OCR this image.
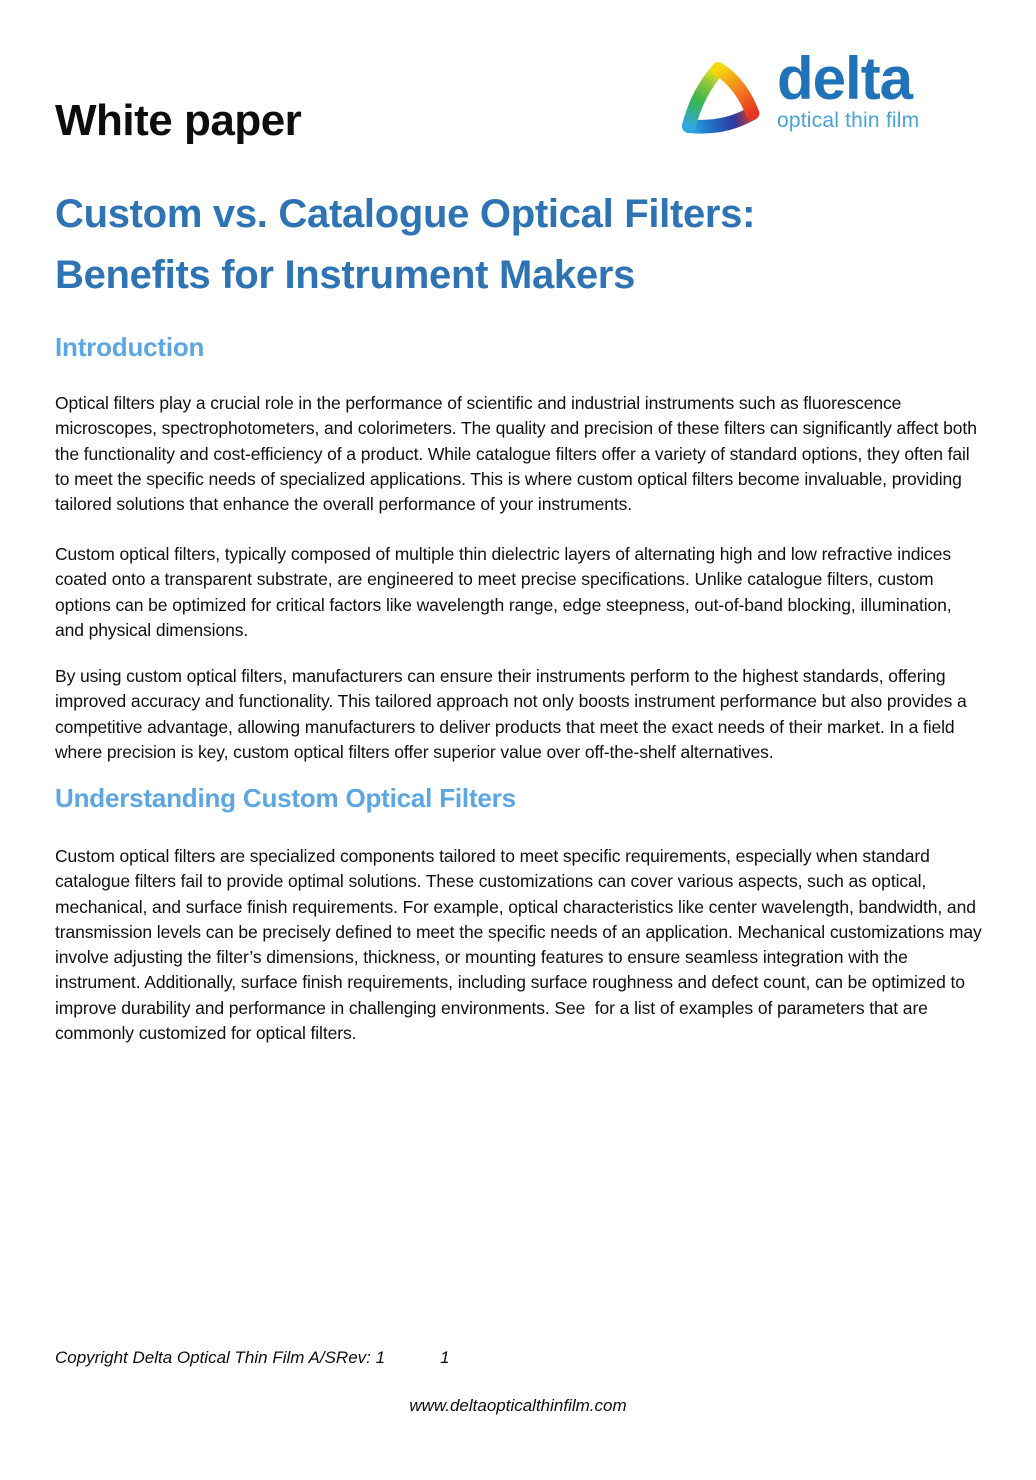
White paper
delta
optical thin film
Custom vs. Catalogue Optical Filters:
Benefits for Instrument Makers
Introduction
Optical filters play a crucial role in the performance of scientific and industrial instruments such as fluorescence microscopes, spectrophotometers, and colorimeters. The quality and precision of these filters can significantly affect both the functionality and cost-efficiency of a product. While catalogue filters offer a variety of standard options, they often fail to meet the specific needs of specialized applications. This is where custom optical filters become invaluable, providing tailored solutions that enhance the overall performance of your instruments.
Custom optical filters, typically composed of multiple thin dielectric layers of alternating high and low refractive indices coated onto a transparent substrate, are engineered to meet precise specifications. Unlike catalogue filters, custom options can be optimized for critical factors like wavelength range, edge steepness, out-of-band blocking, illumination, and physical dimensions.
By using custom optical filters, manufacturers can ensure their instruments perform to the highest standards, offering improved accuracy and functionality. This tailored approach not only boosts instrument performance but also provides a competitive advantage, allowing manufacturers to deliver products that meet the exact needs of their market. In a field where precision is key, custom optical filters offer superior value over off-the-shelf alternatives.
Understanding Custom Optical Filters
Custom optical filters are specialized components tailored to meet specific requirements, especially when standard catalogue filters fail to provide optimal solutions. These customizations can cover various aspects, such as optical, mechanical, and surface finish requirements. For example, optical characteristics like center wavelength, bandwidth, and transmission levels can be precisely defined to meet the specific needs of an application. Mechanical customizations may involve adjusting the filter’s dimensions, thickness, or mounting features to ensure seamless integration with the instrument. Additionally, surface finish requirements, including surface roughness and defect count, can be optimized to improve durability and performance in challenging environments. See  for a list of examples of parameters that are commonly customized for optical filters.
Copyright Delta Optical Thin Film A/S Rev: 1	1
www.deltaopticalthinfilm.com
